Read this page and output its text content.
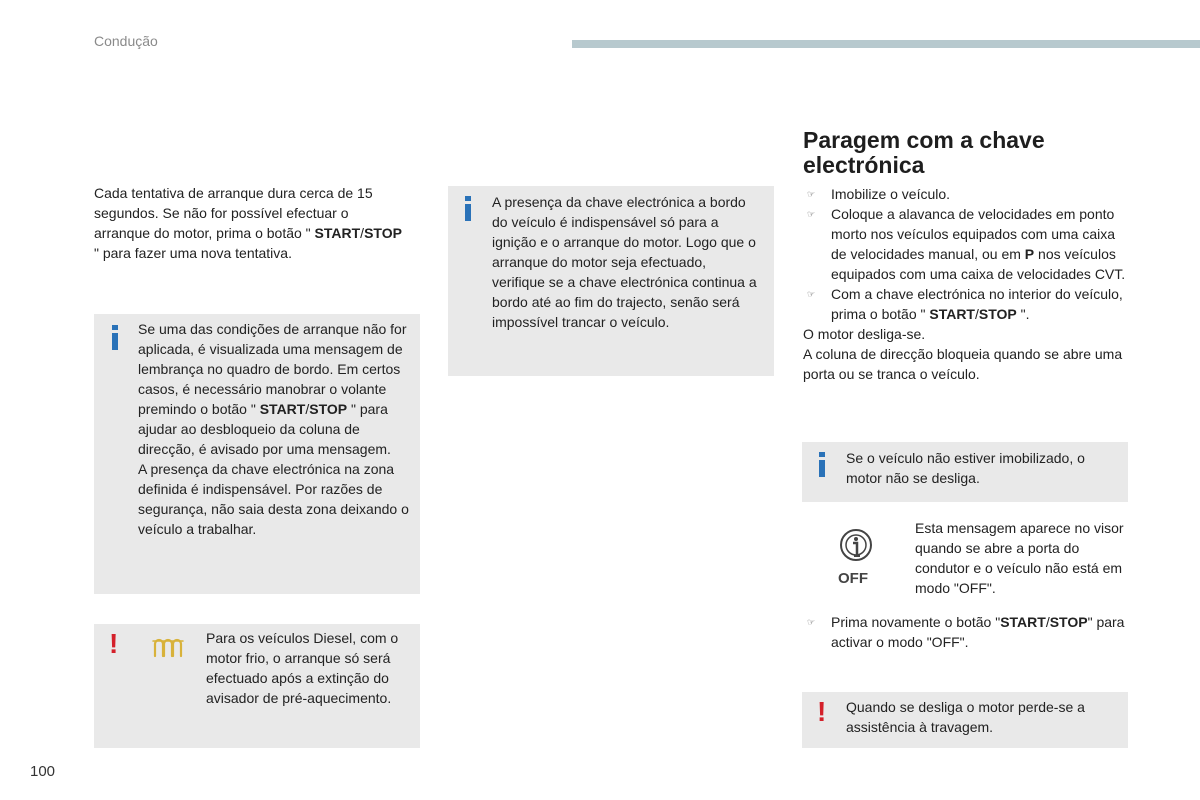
Condução
Cada tentativa de arranque dura cerca de 15 segundos. Se não for possível efectuar o arranque do motor, prima o botão " START/STOP " para fazer uma nova tentativa.
Se uma das condições de arranque não for aplicada, é visualizada uma mensagem de lembrança no quadro de bordo. Em certos casos, é necessário manobrar o volante premindo o botão " START/STOP " para ajudar ao desbloqueio da coluna de direcção, é avisado por uma mensagem.
A presença da chave electrónica na zona definida é indispensável. Por razões de segurança, não saia desta zona deixando o veículo a trabalhar.
!	Para os veículos Diesel, com o motor frio, o arranque só será efectuado após a extinção do avisador de pré-aquecimento.
A presença da chave electrónica a bordo do veículo é indispensável só para a ignição e o arranque do motor. Logo que o arranque do motor seja efectuado, verifique se a chave electrónica continua a bordo até ao fim do trajecto, senão será impossível trancar o veículo.
Paragem com a chave electrónica
☞ Imobilize o veículo.
☞ Coloque a alavanca de velocidades em ponto morto nos veículos equipados com uma caixa de velocidades manual, ou em P nos veículos equipados com uma caixa de velocidades CVT.
☞ Com a chave electrónica no interior do veículo, prima o botão " START/STOP ".
O motor desliga-se.
A coluna de direcção bloqueia quando se abre uma porta ou se tranca o veículo.
Se o veículo não estiver imobilizado, o motor não se desliga.
OFF
Esta mensagem aparece no visor quando se abre a porta do condutor e o veículo não está em modo "OFF".
☞ Prima novamente o botão "START/STOP" para activar o modo "OFF".
! Quando se desliga o motor perde-se a assistência à travagem.
100
